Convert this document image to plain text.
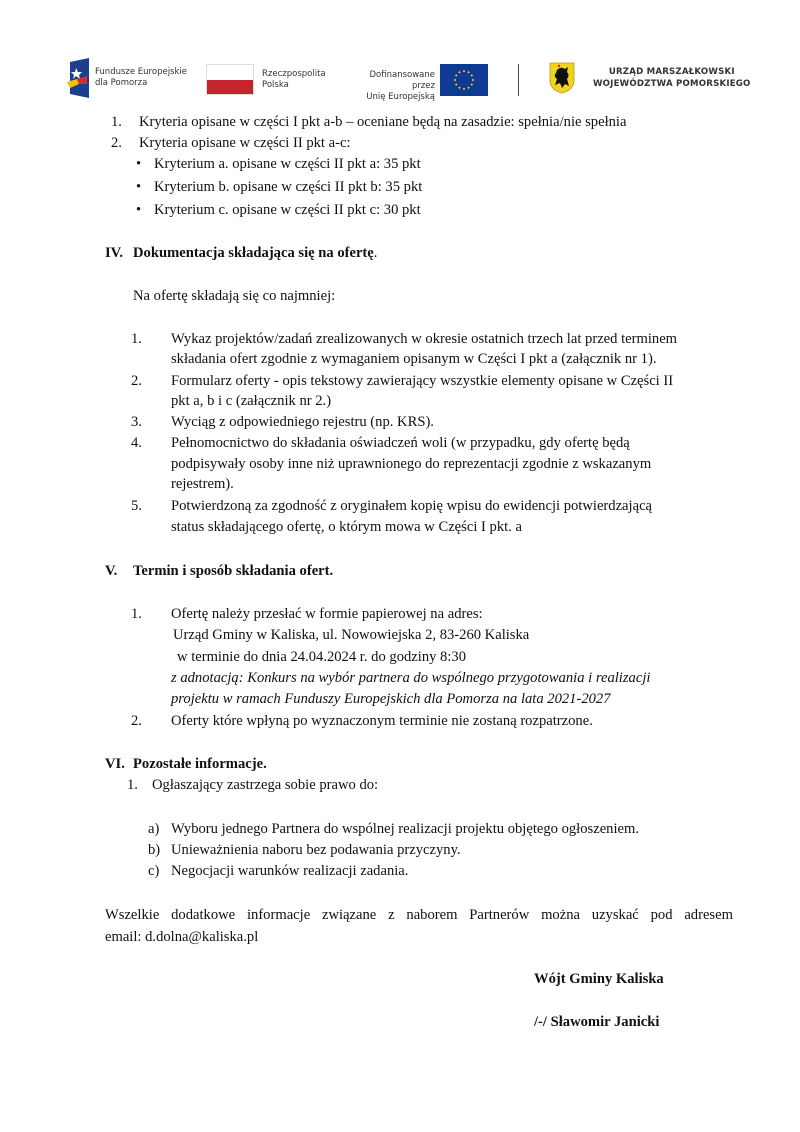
Fundusze Europejskie
dla Pomorza
Rzeczpospolita
Polska
Dofinansowane przez
Unię Europejską
URZĄD MARSZAŁKOWSKI
WOJEWÓDZTWA POMORSKIEGO
1. Kryteria opisane w części I pkt a-b – oceniane będą na zasadzie: spełnia/nie spełnia
2. Kryteria opisane w części II pkt a-c:
• Kryterium a. opisane w części II pkt a: 35 pkt
• Kryterium b. opisane w części II pkt b: 35 pkt
• Kryterium c. opisane w części II pkt c: 30 pkt
IV. Dokumentacja składająca się na ofertę.
Na ofertę składają się co najmniej:
1. Wykaz projektów/zadań zrealizowanych w okresie ostatnich trzech lat przed terminem
składania ofert zgodnie z wymaganiem opisanym w Części I pkt a (załącznik nr 1).
2. Formularz oferty - opis tekstowy zawierający wszystkie elementy opisane w Części II
pkt a, b i c (załącznik nr 2.)
3. Wyciąg z odpowiedniego rejestru (np. KRS).
4. Pełnomocnictwo do składania oświadczeń woli (w przypadku, gdy ofertę będą
podpisywały osoby inne niż uprawnionego do reprezentacji zgodnie z wskazanym
rejestrem).
5. Potwierdzoną za zgodność z oryginałem kopię wpisu do ewidencji potwierdzającą
status składającego ofertę, o którym mowa w Części I pkt. a
V. Termin i sposób składania ofert.
1. Ofertę należy przesłać w formie papierowej na adres:
Urząd Gminy w Kaliska, ul. Nowowiejska 2, 83-260 Kaliska
w terminie do dnia 24.04.2024 r. do godziny 8:30
z adnotacją: Konkurs na wybór partnera do wspólnego przygotowania i realizacji
projektu w ramach Funduszy Europejskich dla Pomorza na lata 2021-2027
2. Oferty które wpłyną po wyznaczonym terminie nie zostaną rozpatrzone.
VI. Pozostałe informacje.
1. Ogłaszający zastrzega sobie prawo do:
a) Wyboru jednego Partnera do wspólnej realizacji projektu objętego ogłoszeniem.
b) Unieważnienia naboru bez podawania przyczyny.
c) Negocjacji warunków realizacji zadania.
Wszelkie dodatkowe informacje związane z naborem Partnerów można uzyskać pod adresem
email: d.dolna@kaliska.pl
Wójt Gminy Kaliska
/-/ Sławomir Janicki
